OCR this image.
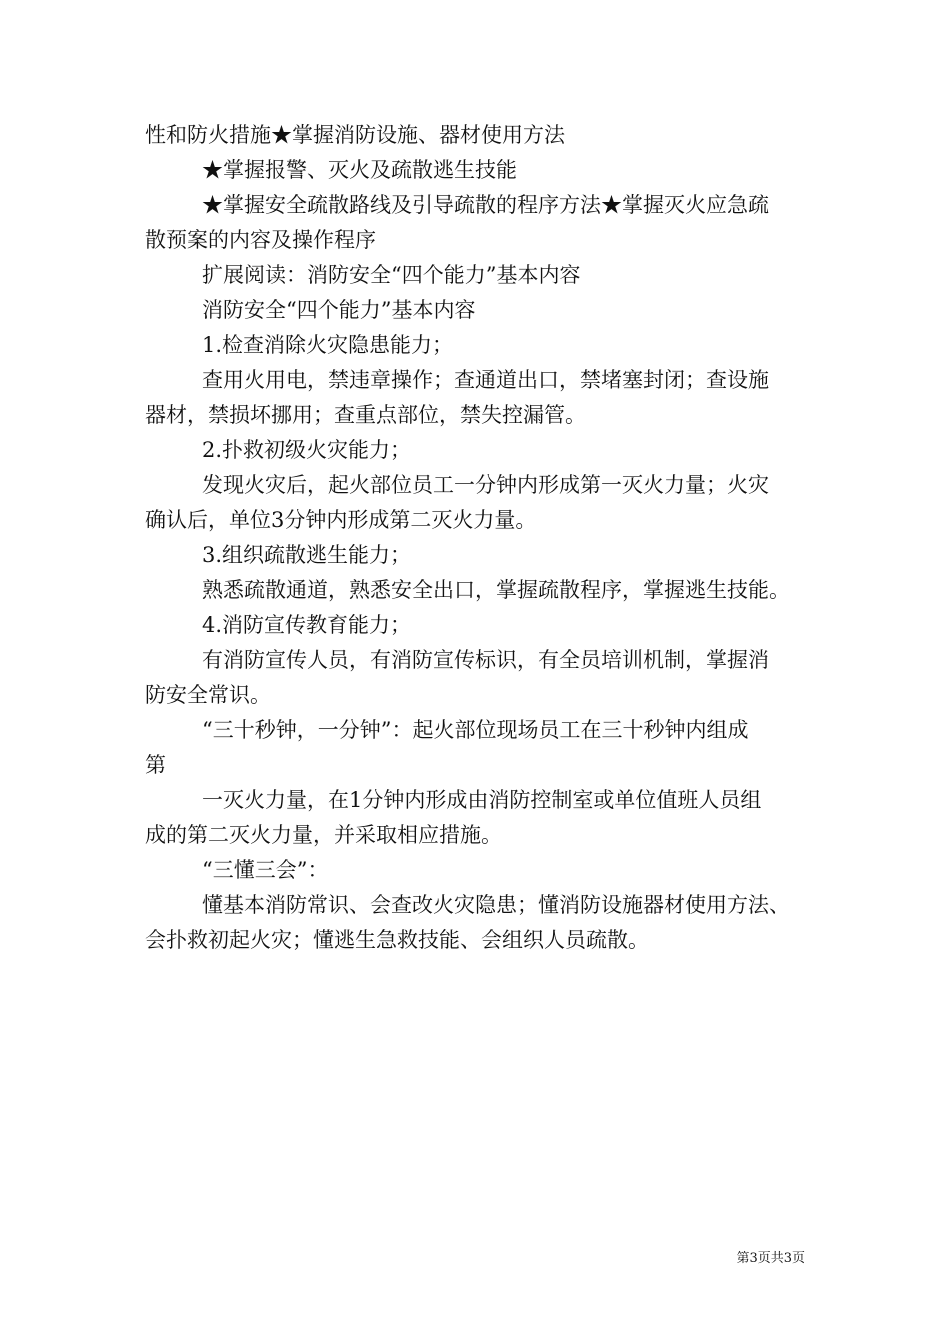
性和防火措施★掌握消防设施、器材使用方法

★掌握报警、灭火及疏散逃生技能

★掌握安全疏散路线及引导疏散的程序方法★掌握灭火应急疏

散预案的内容及操作程序

扩展阅读：消防安全“四个能力”基本内容

消防安全“四个能力”基本内容

1.检查消除火灾隐患能力；

查用火用电，禁违章操作；查通道出口，禁堵塞封闭；查设施

器材，禁损坏挪用；查重点部位，禁失控漏管。

2.扑救初级火灾能力；

发现火灾后，起火部位员工一分钟内形成第一灭火力量；火灾

确认后，单位3分钟内形成第二灭火力量。

3.组织疏散逃生能力；

熟悉疏散通道，熟悉安全出口，掌握疏散程序，掌握逃生技能。

4.消防宣传教育能力；

有消防宣传人员，有消防宣传标识，有全员培训机制，掌握消

防安全常识。

“三十秒钟，一分钟”：起火部位现场员工在三十秒钟内组成

第

一灭火力量，在1分钟内形成由消防控制室或单位值班人员组

成的第二灭火力量，并采取相应措施。

“三懂三会”：

懂基本消防常识、会查改火灾隐患；懂消防设施器材使用方法、

会扑救初起火灾；懂逃生急救技能、会组织人员疏散。

第3页共3页
